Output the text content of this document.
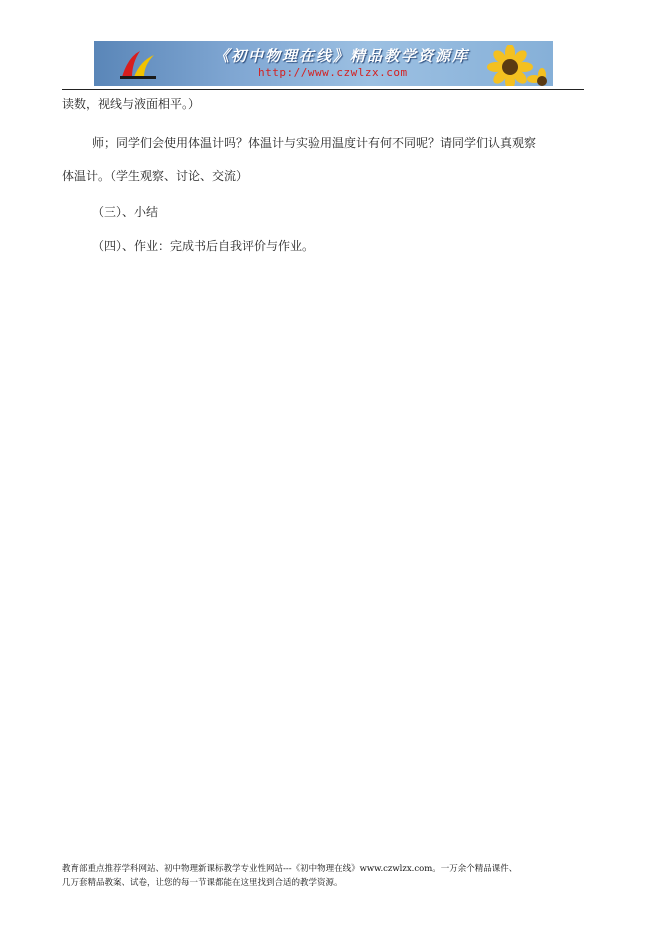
《初中物理在线》精品教学资源库
http://www.czwlzx.com
读数，视线与液面相平。）
师；同学们会使用体温计吗？体温计与实验用温度计有何不同呢？请同学们认真观察
体温计。（学生观察、讨论、交流）
（三）、小结
（四）、作业：完成书后自我评价与作业。
教育部重点推荐学科网站、初中物理新课标教学专业性网站---《初中物理在线》www.czwlzx.com。一万余个精品课件、
几万套精品教案、试卷，让您的每一节课都能在这里找到合适的教学资源。
